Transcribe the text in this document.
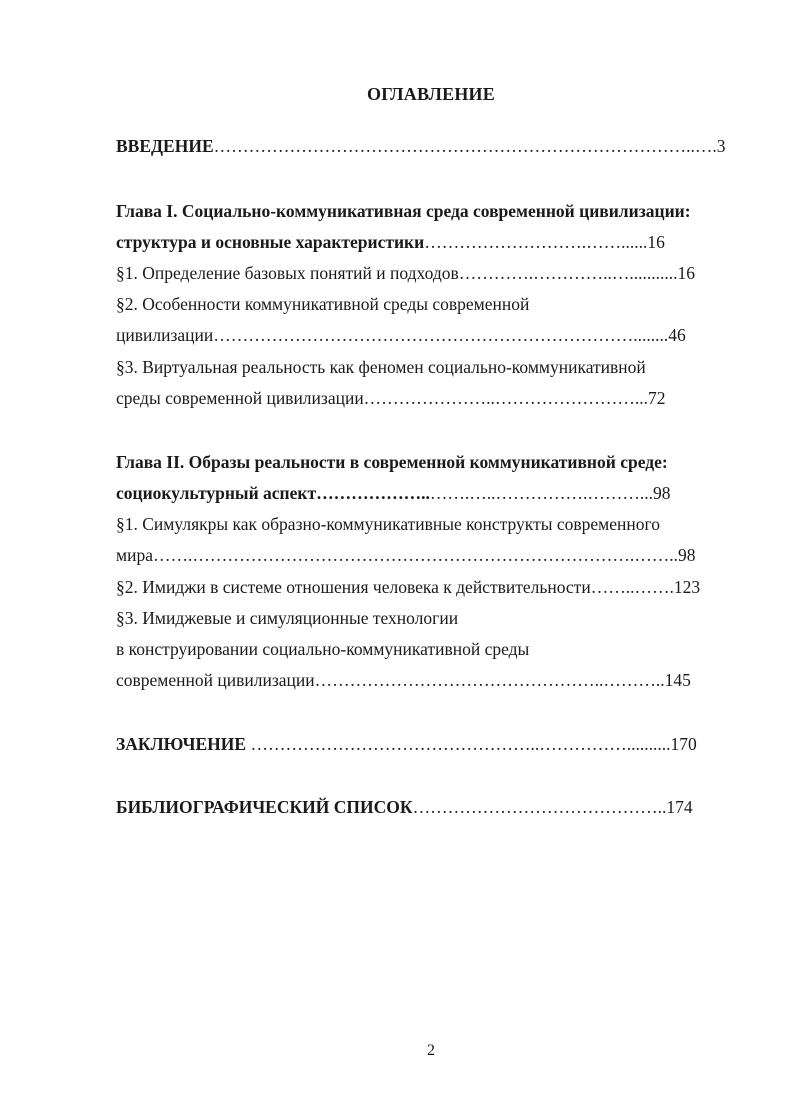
ОГЛАВЛЕНИЕ
ВВЕДЕНИЕ………………………………………………………………………..….3
Глава I. Социально-коммуникативная среда современной цивилизации:
структура и основные характеристики……………………….……......16
§1. Определение базовых понятий и подходов………….…………..…...........16
§2. Особенности коммуникативной среды современной
цивилизации………………………………………………………………........46
§3. Виртуальная реальность как феномен социально-коммуникативной
среды современной цивилизации…………………..……………………...72
Глава II. Образы реальности в современной коммуникативной среде:
социокультурный аспект………………..…….…..…………….………...98
§1. Симулякры как образно-коммуникативные конструкты современного
мира…….………………………………………………………………….……..98
§2. Имиджи в системе отношения человека к действительности……..…….123
§3. Имиджевые и симуляционные технологии
в конструировании социально-коммуникативной среды
современной цивилизации…………………………………………..………..145
ЗАКЛЮЧЕНИЕ …………………………………………..……………..........170
БИБЛИОГРАФИЧЕСКИЙ СПИСОК……………………………………..174
2
